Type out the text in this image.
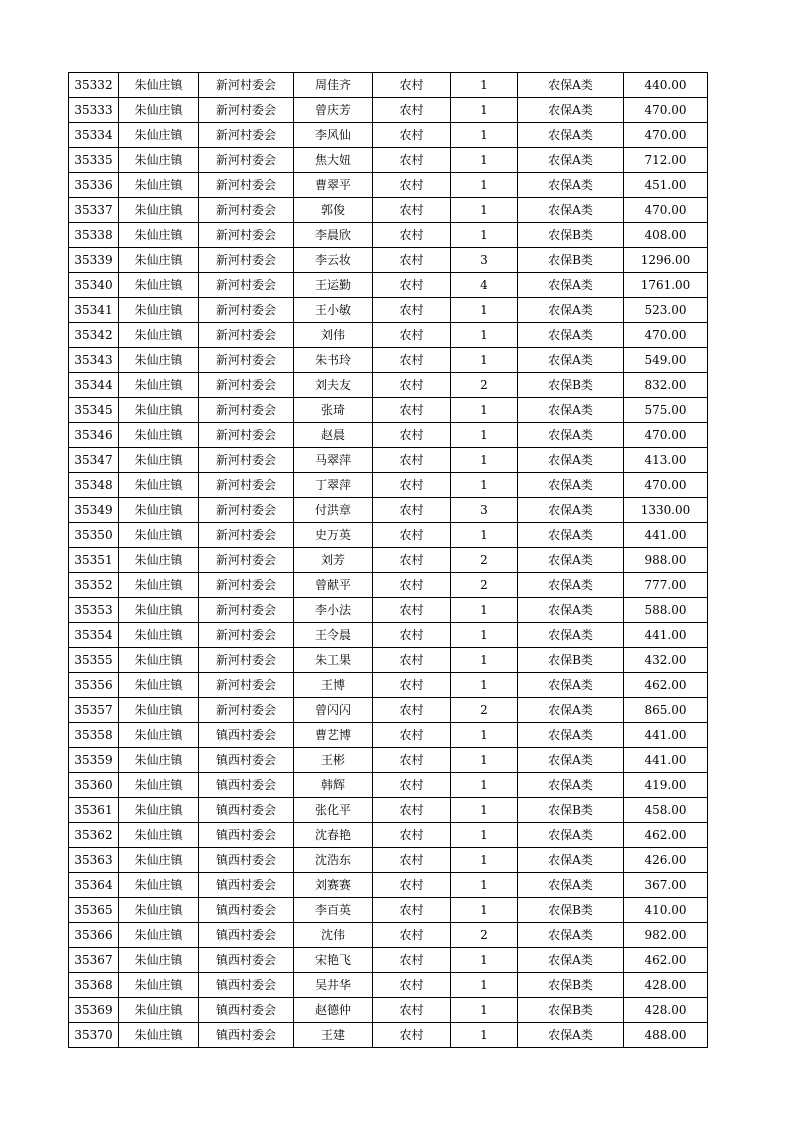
35332	朱仙庄镇	新河村委会	周佳齐	农村	1	农保A类	440.00
35333	朱仙庄镇	新河村委会	曾庆芳	农村	1	农保A类	470.00
35334	朱仙庄镇	新河村委会	李风仙	农村	1	农保A类	470.00
35335	朱仙庄镇	新河村委会	焦大妞	农村	1	农保A类	712.00
35336	朱仙庄镇	新河村委会	曹翠平	农村	1	农保A类	451.00
35337	朱仙庄镇	新河村委会	郭俊	农村	1	农保A类	470.00
35338	朱仙庄镇	新河村委会	李晨欣	农村	1	农保B类	408.00
35339	朱仙庄镇	新河村委会	李云妆	农村	3	农保B类	1296.00
35340	朱仙庄镇	新河村委会	王运勤	农村	4	农保A类	1761.00
35341	朱仙庄镇	新河村委会	王小敏	农村	1	农保A类	523.00
35342	朱仙庄镇	新河村委会	刘伟	农村	1	农保A类	470.00
35343	朱仙庄镇	新河村委会	朱书玲	农村	1	农保A类	549.00
35344	朱仙庄镇	新河村委会	刘夫友	农村	2	农保B类	832.00
35345	朱仙庄镇	新河村委会	张琦	农村	1	农保A类	575.00
35346	朱仙庄镇	新河村委会	赵晨	农村	1	农保A类	470.00
35347	朱仙庄镇	新河村委会	马翠萍	农村	1	农保A类	413.00
35348	朱仙庄镇	新河村委会	丁翠萍	农村	1	农保A类	470.00
35349	朱仙庄镇	新河村委会	付洪章	农村	3	农保A类	1330.00
35350	朱仙庄镇	新河村委会	史万英	农村	1	农保A类	441.00
35351	朱仙庄镇	新河村委会	刘芳	农村	2	农保A类	988.00
35352	朱仙庄镇	新河村委会	曾献平	农村	2	农保A类	777.00
35353	朱仙庄镇	新河村委会	李小法	农村	1	农保A类	588.00
35354	朱仙庄镇	新河村委会	王令晨	农村	1	农保A类	441.00
35355	朱仙庄镇	新河村委会	朱工果	农村	1	农保B类	432.00
35356	朱仙庄镇	新河村委会	王博	农村	1	农保A类	462.00
35357	朱仙庄镇	新河村委会	曾闪闪	农村	2	农保A类	865.00
35358	朱仙庄镇	镇西村委会	曹艺博	农村	1	农保A类	441.00
35359	朱仙庄镇	镇西村委会	王彬	农村	1	农保A类	441.00
35360	朱仙庄镇	镇西村委会	韩辉	农村	1	农保A类	419.00
35361	朱仙庄镇	镇西村委会	张化平	农村	1	农保B类	458.00
35362	朱仙庄镇	镇西村委会	沈春艳	农村	1	农保A类	462.00
35363	朱仙庄镇	镇西村委会	沈浩东	农村	1	农保A类	426.00
35364	朱仙庄镇	镇西村委会	刘赛赛	农村	1	农保A类	367.00
35365	朱仙庄镇	镇西村委会	李百英	农村	1	农保B类	410.00
35366	朱仙庄镇	镇西村委会	沈伟	农村	2	农保A类	982.00
35367	朱仙庄镇	镇西村委会	宋艳飞	农村	1	农保A类	462.00
35368	朱仙庄镇	镇西村委会	吴井华	农村	1	农保B类	428.00
35369	朱仙庄镇	镇西村委会	赵德仲	农村	1	农保B类	428.00
35370	朱仙庄镇	镇西村委会	王建	农村	1	农保A类	488.00
